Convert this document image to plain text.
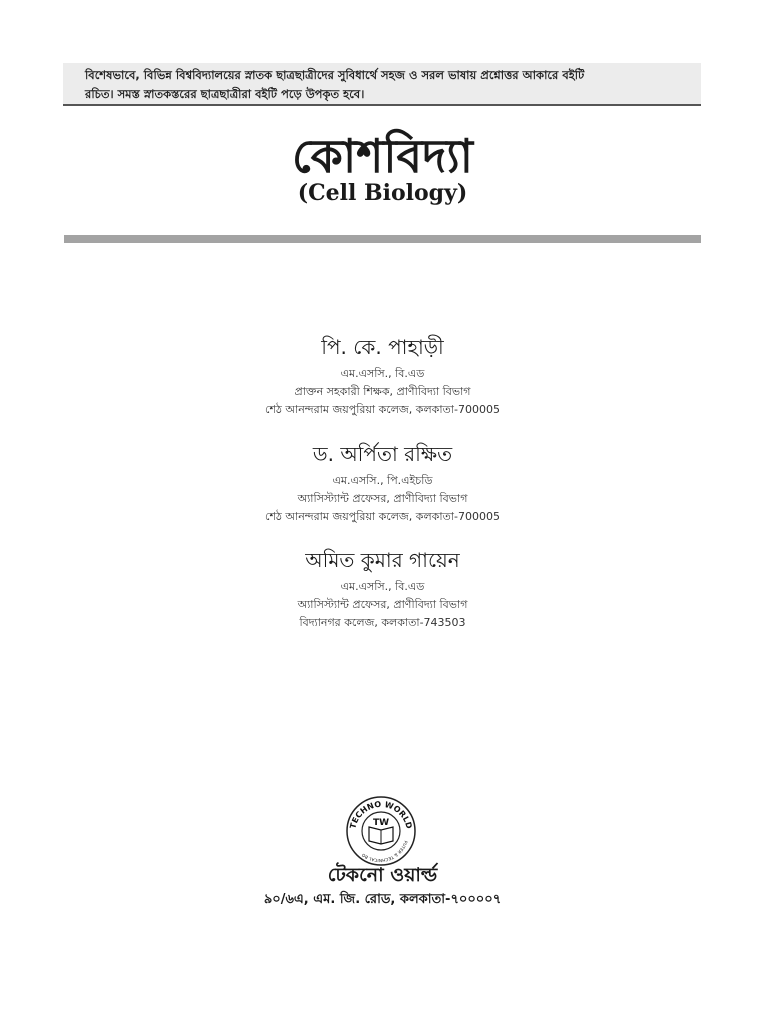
বিশেষভাবে, বিভিন্ন বিশ্ববিদ্যালয়ের স্নাতক ছাত্রছাত্রীদের সুবিধার্থে সহজ ও সরল ভাষায় প্রশ্নোত্তর আকারে বইটি
রচিত। সমস্ত স্নাতকস্তরের ছাত্রছাত্রীরা বইটি পড়ে উপকৃত হবে।
কোশবিদ্যা
(Cell Biology)
পি. কে. পাহাড়ী
এম.এসসি., বি.এড
প্রাক্তন সহকারী শিক্ষক, প্রাণীবিদ্যা বিভাগ
শেঠ আনন্দরাম জয়পুরিয়া কলেজ, কলকাতা-700005
ড. অর্পিতা রক্ষিত
এম.এসসি., পি.এইচডি
অ্যাসিস্ট্যান্ট প্রফেসর, প্রাণীবিদ্যা বিভাগ
শেঠ আনন্দরাম জয়পুরিয়া কলেজ, কলকাতা-700005
অমিত কুমার গায়েন
এম.এসসি., বি.এড
অ্যাসিস্ট্যান্ট প্রফেসর, প্রাণীবিদ্যা বিভাগ
বিদ্যানগর কলেজ, কলকাতা-743503
TECHNO WORLD
PUTER & TECHNICAL BO
TW
টেকনো ওয়ার্ল্ড
৯০/৬এ, এম. জি. রোড, কলকাতা-৭০০০০৭
